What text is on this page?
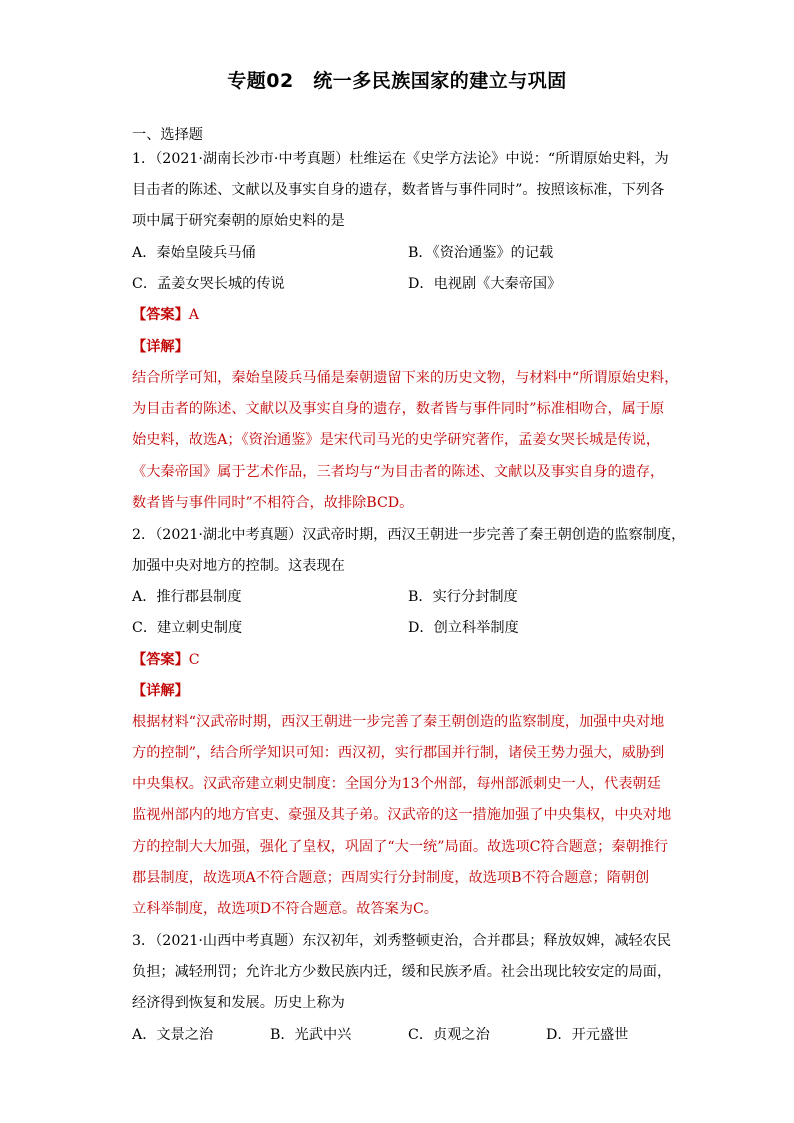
专题02　统一多民族国家的建立与巩固
一、选择题
1．（2021·湖南长沙市·中考真题）杜维运在《史学方法论》中说：“所谓原始史料，为
目击者的陈述、文献以及事实自身的遗存，数者皆与事件同时”。按照该标准，下列各
项中属于研究秦朝的原始史料的是
A．秦始皇陵兵马俑	B．《资治通鉴》的记载
C．孟姜女哭长城的传说	D．电视剧《大秦帝国》
【答案】A
【详解】
结合所学可知，秦始皇陵兵马俑是秦朝遗留下来的历史文物，与材料中“所谓原始史料，
为目击者的陈述、文献以及事实自身的遗存，数者皆与事件同时”标准相吻合，属于原
始史料，故选A；《资治通鉴》是宋代司马光的史学研究著作，孟姜女哭长城是传说，
《大秦帝国》属于艺术作品，三者均与“为目击者的陈述、文献以及事实自身的遗存，
数者皆与事件同时”不相符合，故排除BCD。
2．（2021·湖北中考真题）汉武帝时期，西汉王朝进一步完善了秦王朝创造的监察制度，
加强中央对地方的控制。这表现在
A．推行郡县制度	B．实行分封制度
C．建立刺史制度	D．创立科举制度
【答案】C
【详解】
根据材料“汉武帝时期，西汉王朝进一步完善了秦王朝创造的监察制度，加强中央对地
方的控制”，结合所学知识可知：西汉初，实行郡国并行制，诸侯王势力强大，威胁到
中央集权。汉武帝建立刺史制度：全国分为13个州部，每州部派刺史一人，代表朝廷
监视州部内的地方官吏、豪强及其子弟。汉武帝的这一措施加强了中央集权，中央对地
方的控制大大加强，强化了皇权，巩固了“大一统”局面。故选项C符合题意；秦朝推行
郡县制度，故选项A不符合题意；西周实行分封制度，故选项B不符合题意；隋朝创
立科举制度，故选项D不符合题意。故答案为C。
3．（2021·山西中考真题）东汉初年，刘秀整顿吏治，合并郡县；释放奴婢，减轻农民
负担；减轻刑罚；允许北方少数民族内迁，缓和民族矛盾。社会出现比较安定的局面，
经济得到恢复和发展。历史上称为
A．文景之治	B．光武中兴	C．贞观之治	D．开元盛世
